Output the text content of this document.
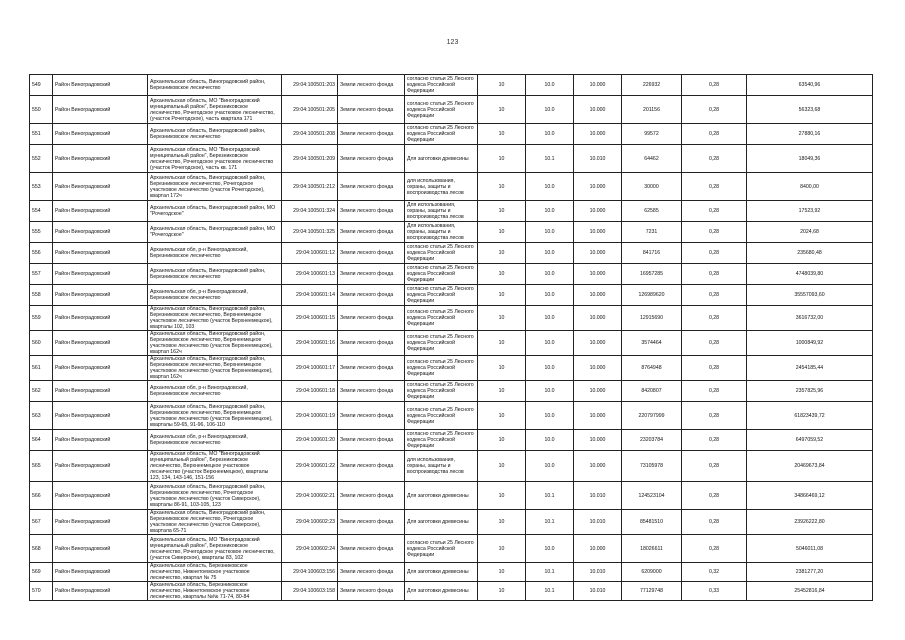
123
549	Район Виноградовский	Архангельская область, Виноградовский район, Березниковское лесничество	29:04:100501:203	Земли лесного фонда	согласно статьи 25 Лесного кодекса Российской Федерации	10	10.0	10.000	226932	0,28	63540,96
550	Район Виноградовский	Архангельская область, МО "Виноградовский муниципальный район", Березниковское лесничество, Рочегодское участковое лесничество, (участок Рочегодское), часть квартала 171	29:04:100501:205	Земли лесного фонда	согласно статьи 25 Лесного кодекса Российской Федерации	10	10.0	10.000	201156	0,28	56323,68
551	Район Виноградовский	Архангельская область, Виноградовский район, Березниковское лесничество	29:04:100501:208	Земли лесного фонда	согласно статьи 25 Лесного кодекса Российской Федерации	10	10.0	10.000	99572	0,28	27880,16
552	Район Виноградовский	Архангельская область, МО "Виноградовский муниципальный район", Березниковское лесничество, Рочегодское участковое лесничество (участок Рочегодское), часть кв. 171	29:04:100501:209	Земли лесного фонда	Для заготовки древесины	10	10.1	10.010	64462	0,28	18049,36
553	Район Виноградовский	Архангельская область, Виноградовский район, Березниковское лесничество, Рочегодское участковое лесничество (участок Рочегодское), квартал 172ч	29:04:100501:212	Земли лесного фонда	для использования, охраны, защиты и воспроизводства лесов	10	10.0	10.000	30000	0,28	8400,00
554	Район Виноградовский	Архангельская область, Виноградовский район, МО "Рочегодское"	29:04:100501:324	Земли лесного фонда	Для использования, охраны, защиты и воспроизводства лесов	10	10.0	10.000	62585	0,28	17523,92
555	Район Виноградовский	Архангельская область, Виноградовский район, МО "Рочегодское"	29:04:100501:325	Земли лесного фонда	Для использования, охраны, защиты и воспроизводства лесов	10	10.0	10.000	7231	0,28	2024,68
556	Район Виноградовский	Архангельская обл, р-н Виноградовский, Березниковское лесничество	29:04:100601:12	Земли лесного фонда	согласно статьи 25 Лесного кодекса Российской Федерации	10	10.0	10.000	841716	0,28	235680,48
557	Район Виноградовский	Архангельская область, Виноградовский район, Березниковское лесничество	29:04:100601:13	Земли лесного фонда	согласно статьи 25 Лесного кодекса Российской Федерации	10	10.0	10.000	16957285	0,28	4748039,80
558	Район Виноградовский	Архангельская обл, р-н Виноградовский, Березниковское лесничество	29:04:100601:14	Земли лесного фонда	согласно статьи 25 Лесного кодекса Российской Федерации	10	10.0	10.000	126989620	0,28	35557093,60
559	Район Виноградовский	Архангельская область, Виноградовский район, Березниковское лесничество, Верхнеемецкое участковое лесничество (участок Верхнеемецкое), кварталы 102, 103	29:04:100601:15	Земли лесного фонда	согласно статьи 25 Лесного кодекса Российской Федерации	10	10.0	10.000	12915690	0,28	3616732,00
560	Район Виноградовский	Архангельская область, Виноградовский район, Березниковское лесничество, Верхнеемецкое участковое лесничество (участок Верхнеемецкое), квартал 162ч	29:04:100601:16	Земли лесного фонда	согласно статьи 25 Лесного кодекса Российской Федерации	10	10.0	10.000	3574464	0,28	1000849,92
561	Район Виноградовский	Архангельская область, Виноградовский район, Березниковское лесничество, Верхнеемецкое участковое лесничество (участок Верхнеемецкое), квартал 162ч	29:04:100601:17	Земли лесного фонда	согласно статьи 25 Лесного кодекса Российской Федерации	10	10.0	10.000	8764948	0,28	2454185,44
562	Район Виноградовский	Архангельская обл, р-н Виноградовский, Березниковское лесничество	29:04:100601:18	Земли лесного фонда	согласно статьи 25 Лесного кодекса Российской Федерации	10	10.0	10.000	8420807	0,28	2357825,96
563	Район Виноградовский	Архангельская область, Виноградовский район, Березниковское лесничество, Верхнеемецкое участковое лесничество (участок Верхнеемецкое), кварталы 59-65, 91-96, 106-110	29:04:100601:19	Земли лесного фонда	согласно статьи 25 Лесного кодекса Российской Федерации	10	10.0	10.000	220797999	0,28	61823439,72
564	Район Виноградовский	Архангельская обл, р-н Виноградовский, Березниковское лесничество	29:04:100601:20	Земли лесного фонда	согласно статьи 25 Лесного кодекса Российской Федерации	10	10.0	10.000	23203784	0,28	6497059,52
565	Район Виноградовский	Архангельская область, МО "Виноградовский муниципальный район", Березниковское лесничество, Верхнеемецкое участковое лесничество (участок Верхнеемецкое), кварталы 123, 134, 143-146, 151-156	29:04:100601:22	Земли лесного фонда	для использования, охраны, защиты и воспроизводства лесов	10	10.0	10.000	73105978	0,28	20469673,84
566	Район Виноградовский	Архангельская область, Виноградовский район, Березниковское лесничество, Рочегодское участковое лесничество (участок Сиверское), кварталы 86-91, 103-105, 123	29:04:100602:21	Земли лесного фонда	Для заготовки древесины	10	10.1	10.010	124523104	0,28	34866469,12
567	Район Виноградовский	Архангельская область, Виноградовский район, Березниковское лесничество, Рочегодское участковое лесничество (участок Сиверское), квартала 65-71	29:04:100602:23	Земли лесного фонда	Для заготовки древесины	10	10.1	10.010	85481510	0,28	23926222,80
568	Район Виноградовский	Архангельская область, МО "Виноградовский муниципальный район", Березниковское лесничество, Рочегодское участковое лесничество, (участок Сиверское), кварталы 83, 102	29:04:100602:24	Земли лесного фонда	согласно статьи 25 Лесного кодекса Российской Федерации	10	10.0	10.000	18026611	0,28	5046011,08
569	Район Виноградовский	Архангельская область, Березниковское лесничество, Нижнетоемское участковое лесничество, квартал № 75	29:04:100603:156	Земли лесного фонда	Для заготовки древесины	10	10.1	10.010	6209000	0,32	2381277,20
570	Район Виноградовский	Архангельская область, Березниковское лесничество, Нижнетоемское участковое лесничество, кварталы №№ 71-74, 80-84	29:04:100603:158	Земли лесного фонда	Для заготовки древесины	10	10.1	10.010	77129748	0,33	25452816,84
